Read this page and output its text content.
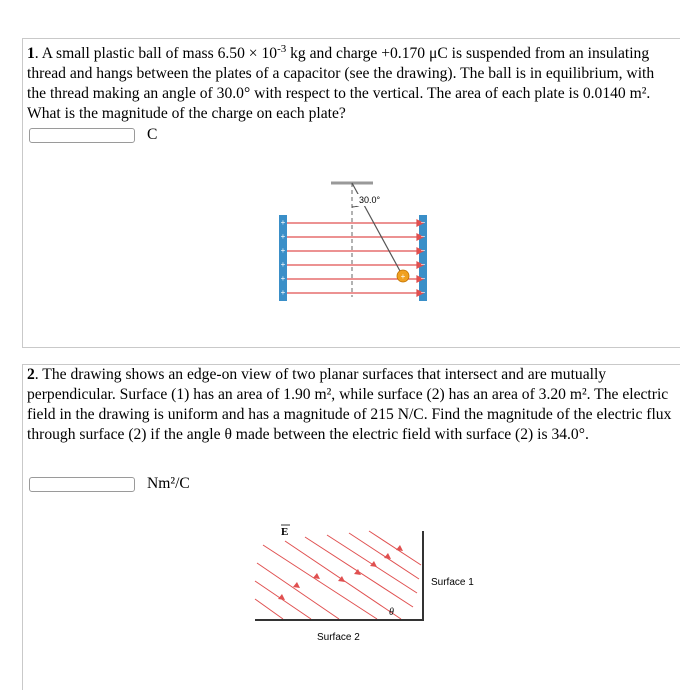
1. A small plastic ball of mass $6.50 \times 10^{-3}$ kg and charge +0.170 μC is suspended from an insulating thread and hangs between the plates of a capacitor (see the drawing). The ball is in equilibrium, with the thread making an angle of 30.0° with respect to the vertical. The area of each plate is 0.0140 m². What is the magnitude of the charge on each plate?

C
+
+
+
+
+
+
−
−
−
−
−
−
30.0°
+

2. The drawing shows an edge-on view of two planar surfaces that intersect and are mutually perpendicular. Surface (1) has an area of 1.90 m², while surface (2) has an area of 3.20 m². The electric field in the drawing is uniform and has a magnitude of 215 N/C. Find the magnitude of the electric flux through surface (2) if the angle θ made between the electric field with surface (2) is 34.0°.

Nm²/C
E
θ
Surface 1
Surface 2
